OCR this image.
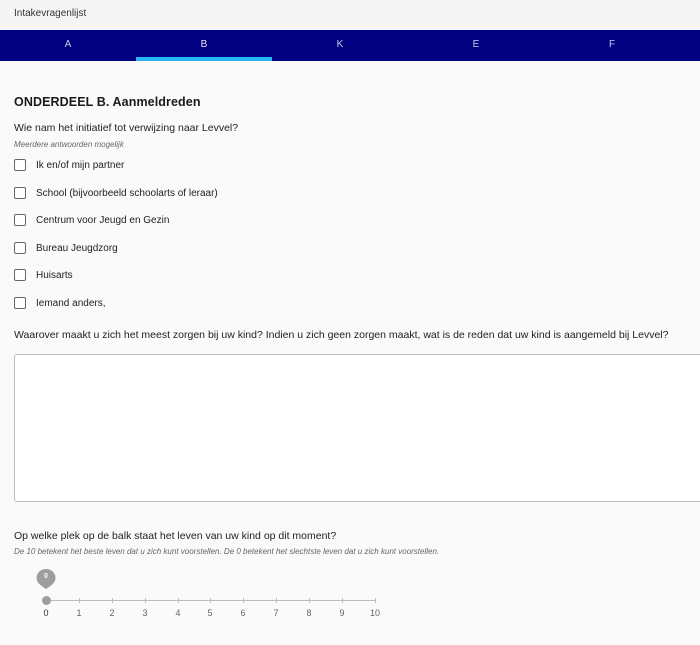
Intakevragenlijst
A	B	K	E	F
ONDERDEEL B. Aanmeldreden
Wie nam het initiatief tot verwijzing naar Levvel?
Meerdere antwoorden mogelijk
Ik en/of mijn partner
School (bijvoorbeeld schoolarts of leraar)
Centrum voor Jeugd en Gezin
Bureau Jeugdzorg
Huisarts
Iemand anders,
Waarover maakt u zich het meest zorgen bij uw kind? Indien u zich geen zorgen maakt, wat is de reden dat uw kind is aangemeld bij Levvel?
Op welke plek op de balk staat het leven van uw kind op dit moment?
De 10 betekent het beste leven dat u zich kunt voorstellen. De 0 betekent het slechtste leven dat u zich kunt voorstellen.
0	1	2	3	4	5	6	7	8	9	10
0
